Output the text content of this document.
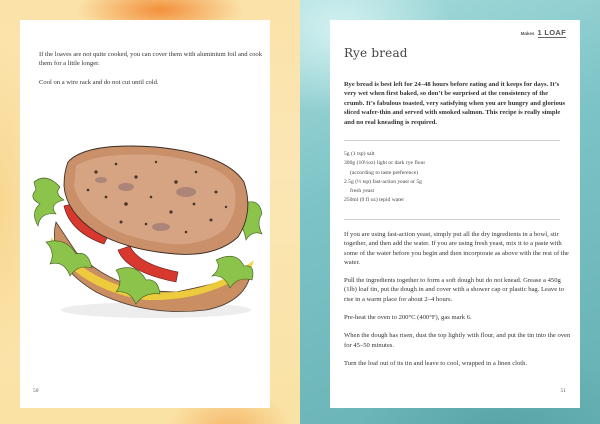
If the loaves are not quite cooked, you can cover them with aluminium foil and cook them for a little longer.

Cool on a wire rack and do not cut until cold.

50
Makes 1 LOAF
Rye bread
Rye bread is best left for 24–48 hours before eating and it keeps for days. It’s very wet when first baked, so don’t be surprised at the consistency of the crumb. It’s fabulous toasted, very satisfying when you are hungry and glorious sliced wafer-thin and served with smoked salmon. This recipe is really simple and no real kneading is required.
5g (1 tsp) salt
300g (10½oz) light or dark rye flour
(according to taste preference)
2.5g (½ tsp) fast-action yeast or 5g
fresh yeast
250ml (9 fl oz) tepid water

If you are using fast-action yeast, simply put all the dry ingredients in a bowl, stir together, and then add the water. If you are using fresh yeast, mix it to a paste with some of the water before you begin and then incorporate as above with the rest of the water.

Pull the ingredients together to form a soft dough but do not knead. Grease a 450g (1lb) loaf tin, put the dough in and cover with a shower cap or plastic bag. Leave to rise in a warm place for about 2–4 hours.

Pre-heat the oven to 200°C (400°F), gas mark 6.

When the dough has risen, dust the top lightly with flour, and put the tin into the oven for 45–50 minutes.

Turn the loaf out of its tin and leave to cool, wrapped in a linen cloth.

51
